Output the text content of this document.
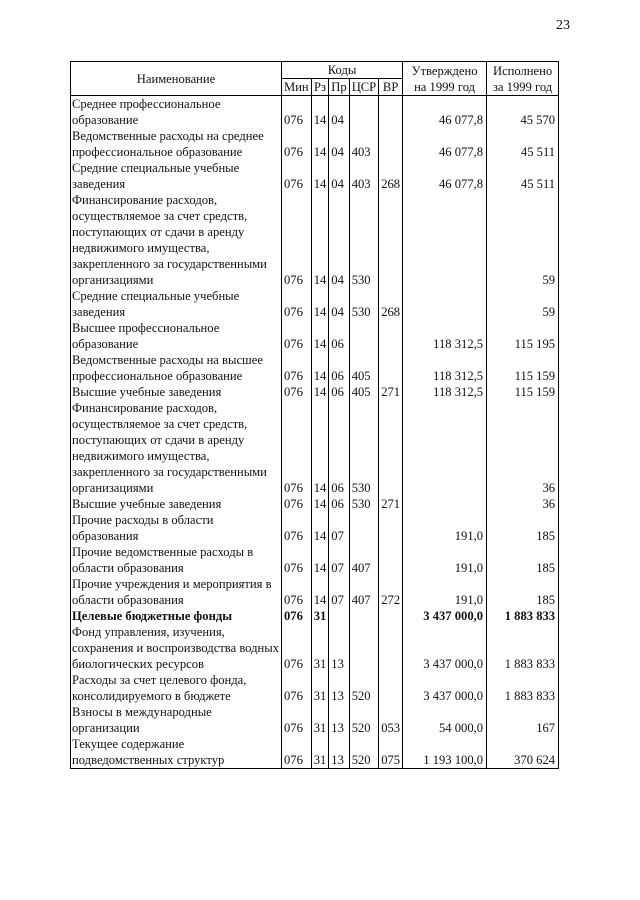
23
Наименование	Коды					Утверждено на 1999 год	Исполнено за 1999 год
	Мин	Рз	Пр	ЦСР	ВР		
Среднее профессиональное образование	076	14	04			46 077,8	45 570
Ведомственные расходы на среднее профессиональное образование	076	14	04	403		46 077,8	45 511
Средние специальные учебные заведения	076	14	04	403	268	46 077,8	45 511
Финансирование расходов, осуществляемое за счет средств, поступающих от сдачи в аренду недвижимого имущества, закрепленного за государственными организациями	076	14	04	530			59
Средние специальные учебные заведения	076	14	04	530	268		59
Высшее профессиональное образование	076	14	06			118 312,5	115 195
Ведомственные расходы на высшее профессиональное образование	076	14	06	405		118 312,5	115 159
Высшие учебные заведения	076	14	06	405	271	118 312,5	115 159
Финансирование расходов, осуществляемое за счет средств, поступающих от сдачи в аренду недвижимого имущества, закрепленного за государственными организациями	076	14	06	530			36
Высшие учебные заведения	076	14	06	530	271		36
Прочие расходы в области образования	076	14	07			191,0	185
Прочие ведомственные расходы в области образования	076	14	07	407		191,0	185
Прочие учреждения и мероприятия в области образования	076	14	07	407	272	191,0	185
Целевые бюджетные фонды	076	31				3 437 000,0	1 883 833
Фонд управления, изучения, сохранения и воспроизводства водных биологических ресурсов	076	31	13			3 437 000,0	1 883 833
Расходы за счет целевого фонда, консолидируемого в бюджете	076	31	13	520		3 437 000,0	1 883 833
Взносы в международные организации	076	31	13	520	053	54 000,0	167
Текущее содержание подведомственных структур	076	31	13	520	075	1 193 100,0	370 624
